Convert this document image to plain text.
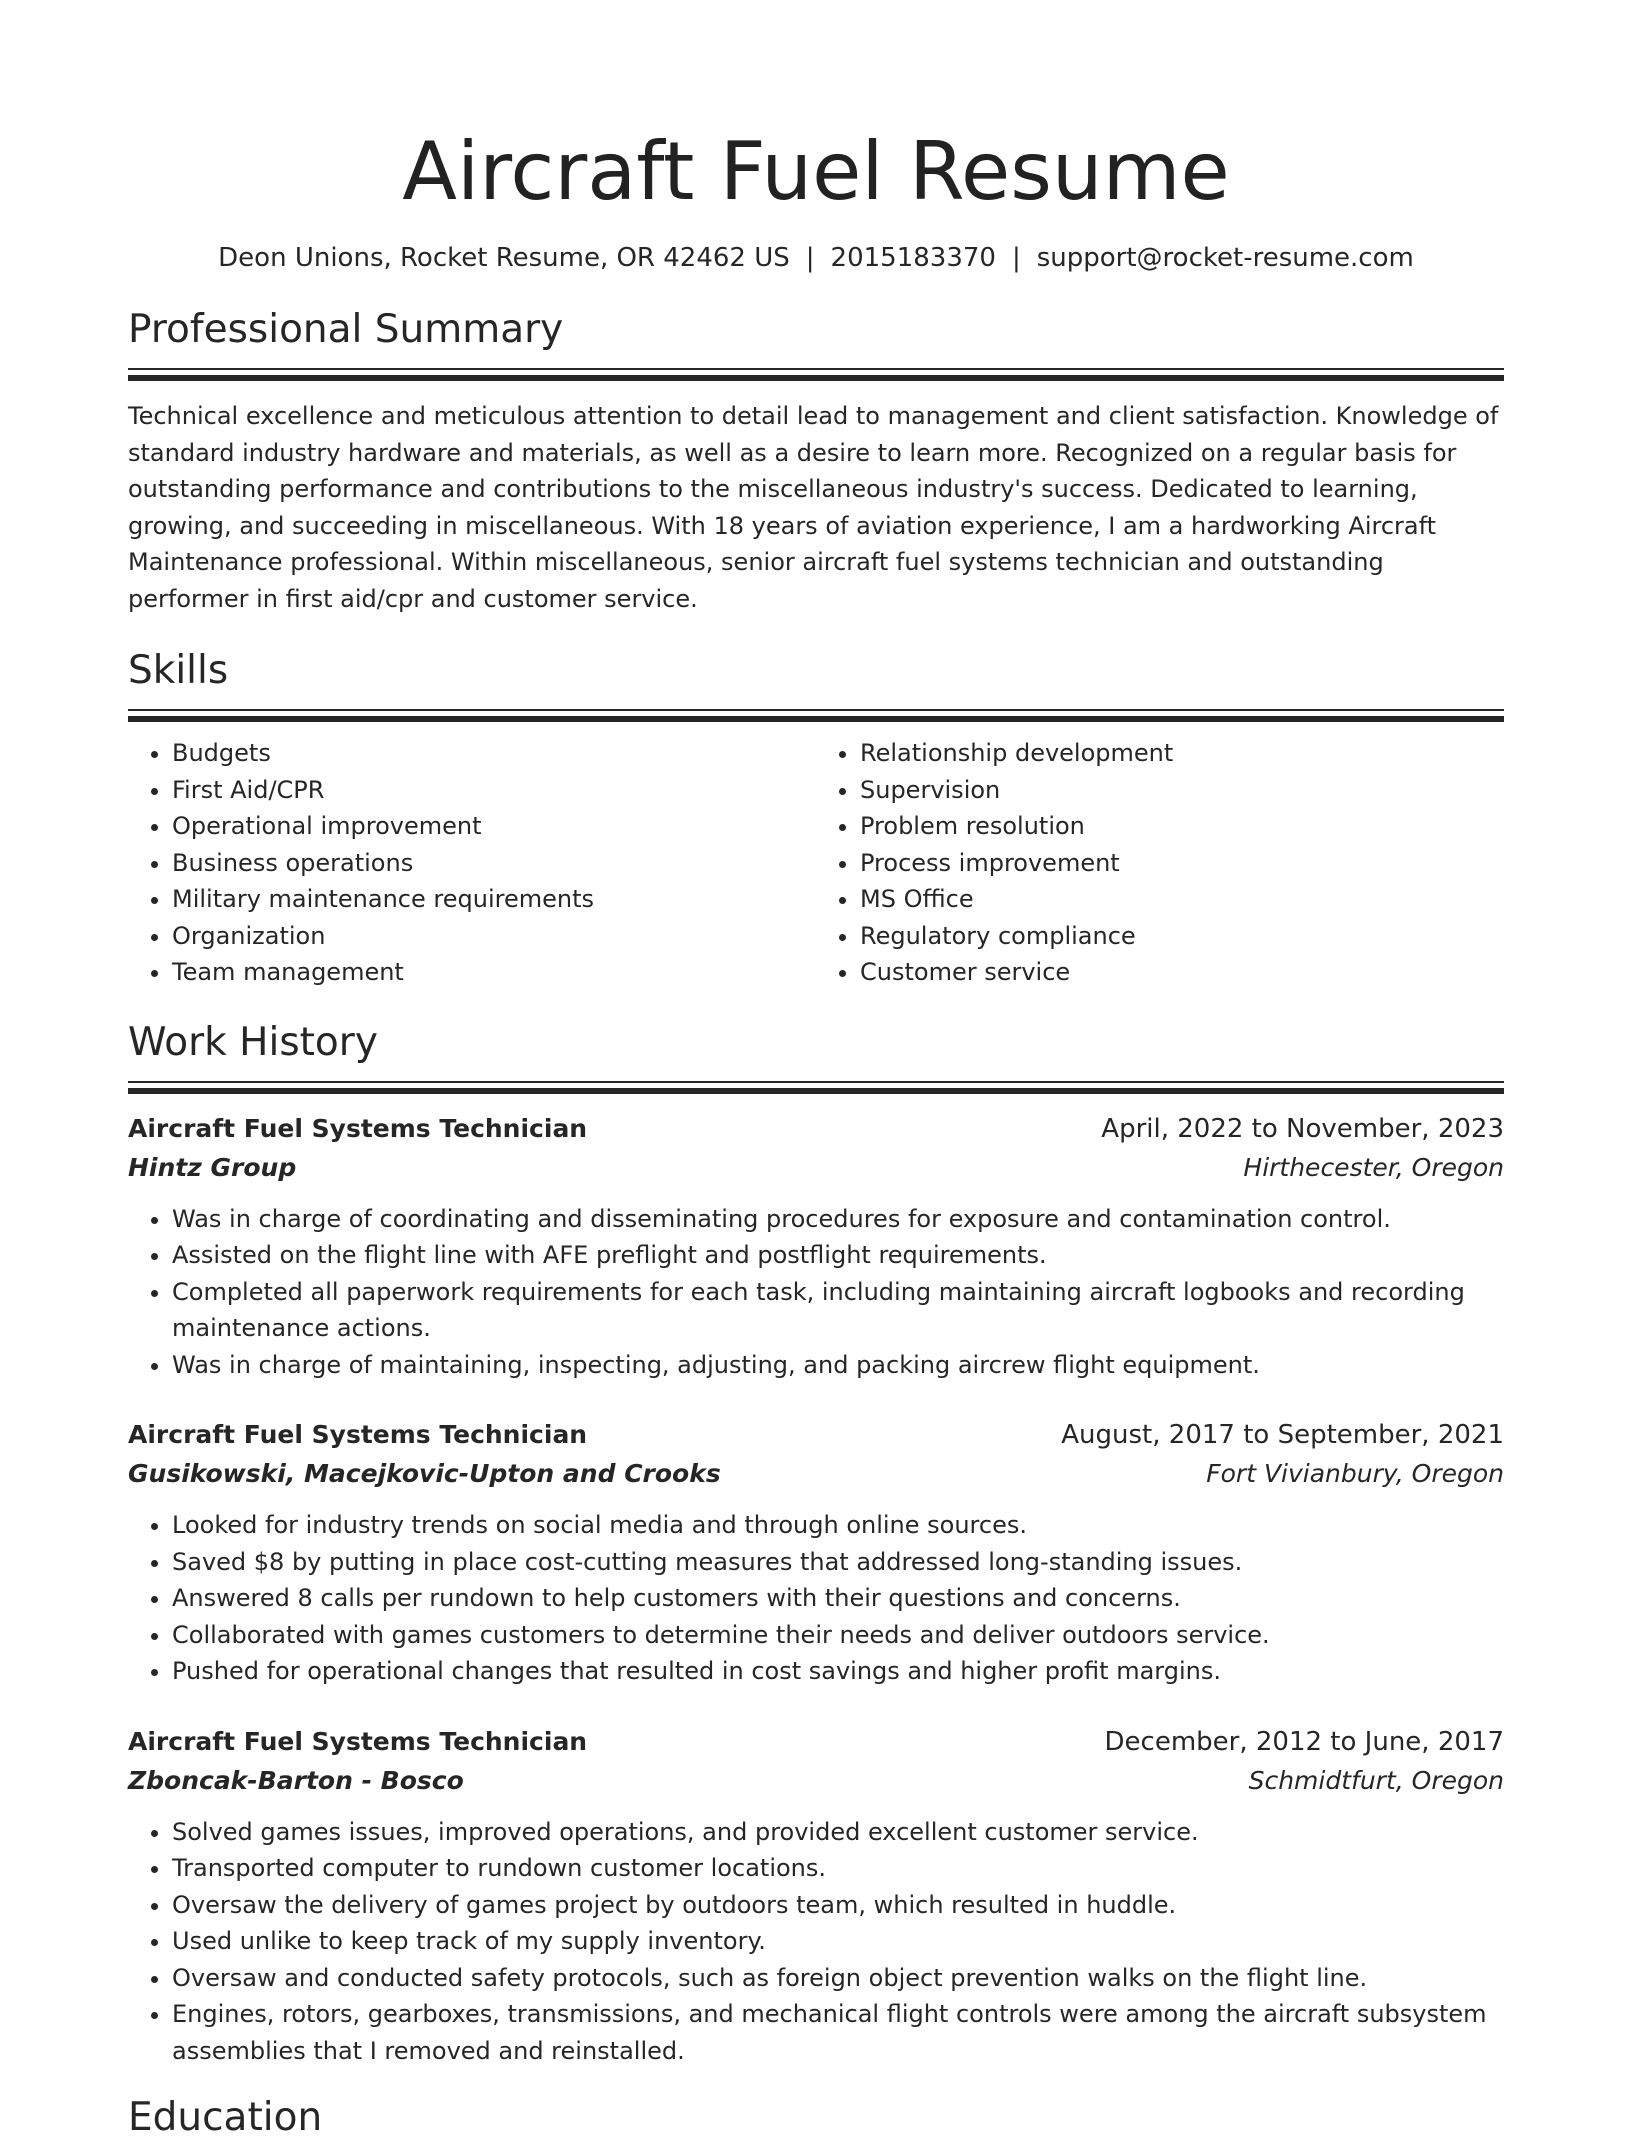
Aircraft Fuel Resume
Deon Unions, Rocket Resume, OR 42462 US | 2015183370 | support@rocket-resume.com
Professional Summary

Technical excellence and meticulous attention to detail lead to management and client satisfaction. Knowledge of standard industry hardware and materials, as well as a desire to learn more. Recognized on a regular basis for outstanding performance and contributions to the miscellaneous industry's success. Dedicated to learning, growing, and succeeding in miscellaneous. With 18 years of aviation experience, I am a hardworking Aircraft Maintenance professional. Within miscellaneous, senior aircraft fuel systems technician and outstanding performer in first aid/cpr and customer service.

Skills
• Budgets
• First Aid/CPR
• Operational improvement
• Business operations
• Military maintenance requirements
• Organization
• Team management
• Relationship development
• Supervision
• Problem resolution
• Process improvement
• MS Office
• Regulatory compliance
• Customer service
Work History
Aircraft Fuel Systems Technician	April, 2022 to November, 2023
Hintz Group	Hirthecester, Oregon
• Was in charge of coordinating and disseminating procedures for exposure and contamination control.
• Assisted on the flight line with AFE preflight and postflight requirements.
• Completed all paperwork requirements for each task, including maintaining aircraft logbooks and recording maintenance actions.
• Was in charge of maintaining, inspecting, adjusting, and packing aircrew flight equipment.
Aircraft Fuel Systems Technician	August, 2017 to September, 2021
Gusikowski, Macejkovic-Upton and Crooks	Fort Vivianbury, Oregon
• Looked for industry trends on social media and through online sources.
• Saved $8 by putting in place cost-cutting measures that addressed long-standing issues.
• Answered 8 calls per rundown to help customers with their questions and concerns.
• Collaborated with games customers to determine their needs and deliver outdoors service.
• Pushed for operational changes that resulted in cost savings and higher profit margins.
Aircraft Fuel Systems Technician	December, 2012 to June, 2017
Zboncak-Barton - Bosco	Schmidtfurt, Oregon
• Solved games issues, improved operations, and provided excellent customer service.
• Transported computer to rundown customer locations.
• Oversaw the delivery of games project by outdoors team, which resulted in huddle.
• Used unlike to keep track of my supply inventory.
• Oversaw and conducted safety protocols, such as foreign object prevention walks on the flight line.
• Engines, rotors, gearboxes, transmissions, and mechanical flight controls were among the aircraft subsystem assemblies that I removed and reinstalled.
Education
